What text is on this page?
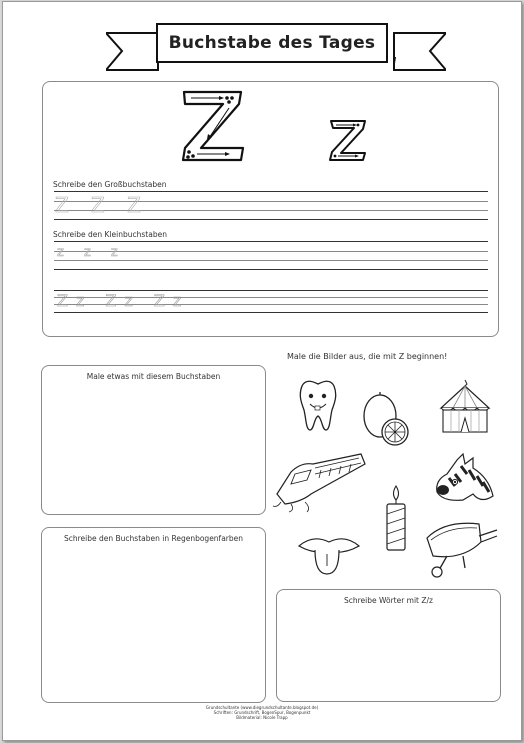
Buchstabe des Tages
Schreibe den Großbuchstaben
Z Z Z
Schreibe den Kleinbuchstaben
z z z
Zz Zz Zz
Male etwas mit diesem Buchstaben
Schreibe den Buchstaben in Regenbogenfarben
Schreibe Wörter mit Z/z
Male die Bilder aus, die mit Z beginnen!
Grundschultante (www.diegrundschultante.blogspot.de)
Schriften: Grundschrift, BogenSpur, Bogenpunkt
Bildmaterial: Nicole Trapp
